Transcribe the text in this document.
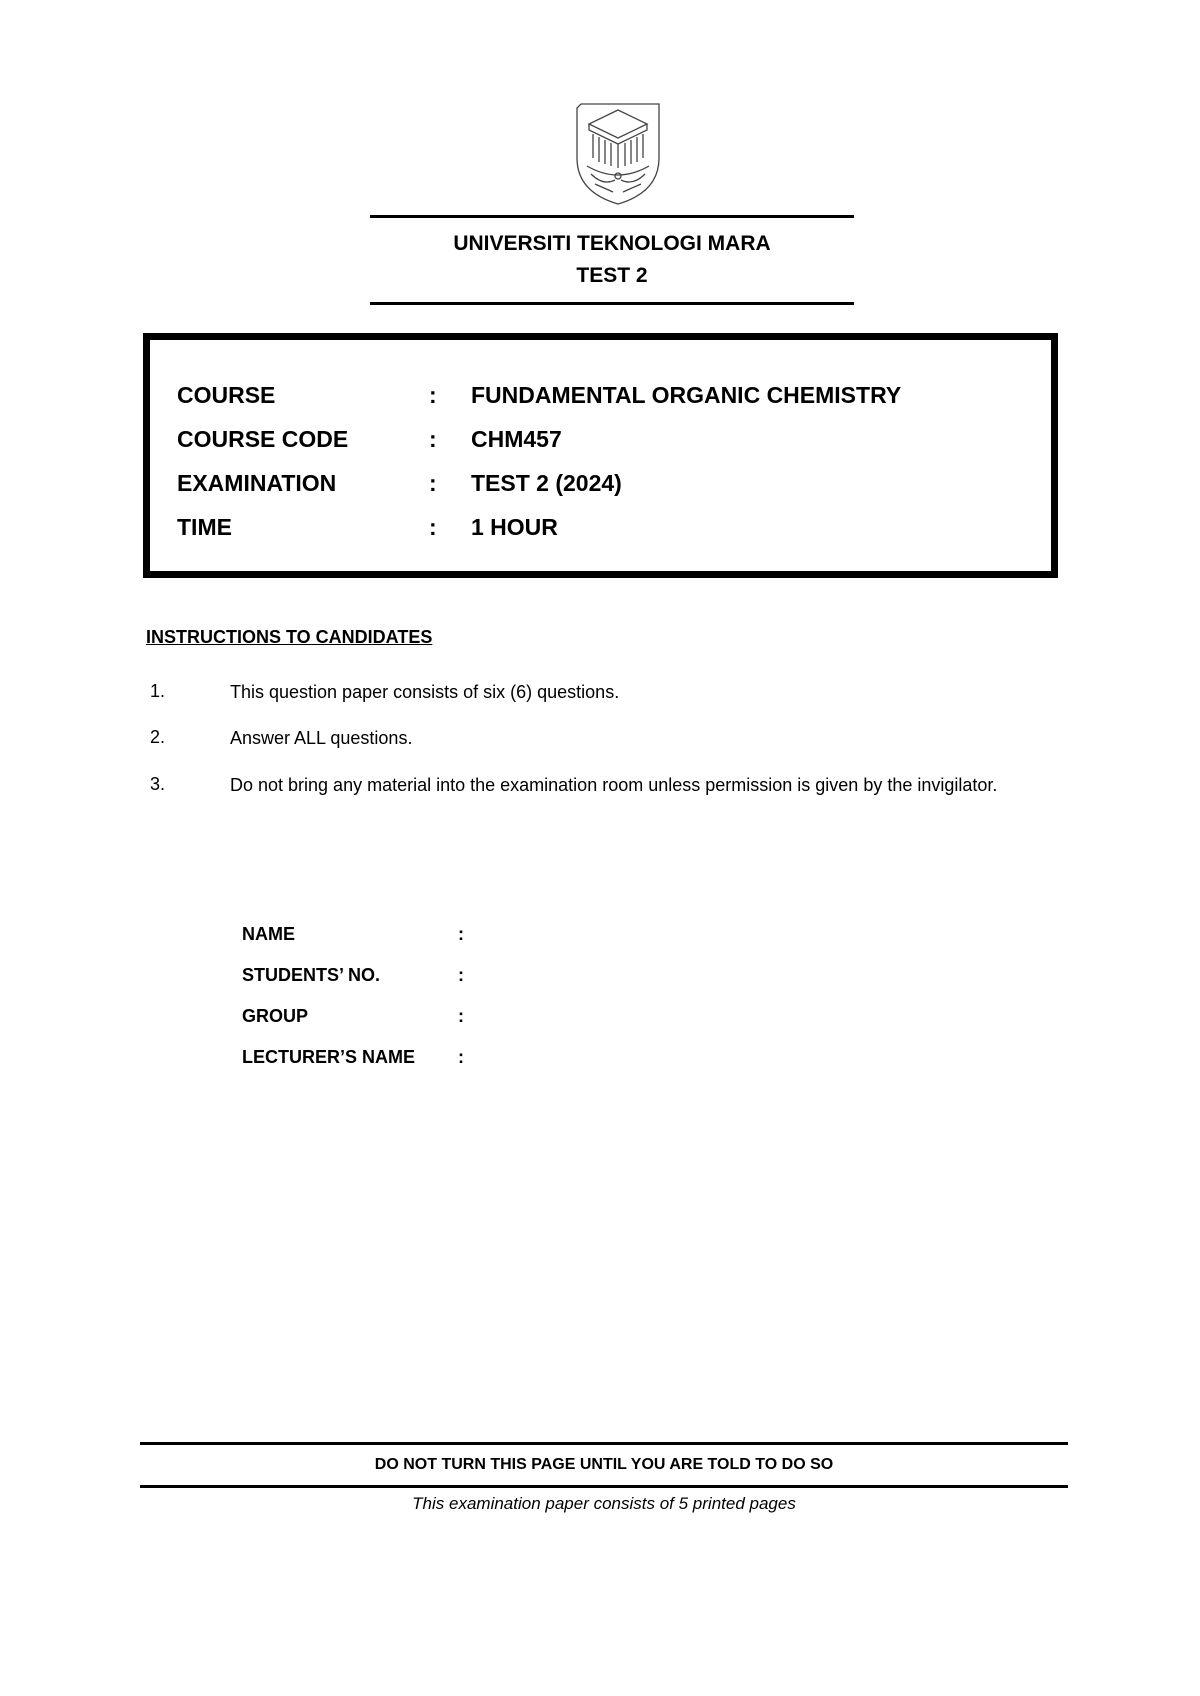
UNIVERSITI TEKNOLOGI MARA
TEST 2
COURSE	: FUNDAMENTAL ORGANIC CHEMISTRY
COURSE CODE	: CHM457
EXAMINATION	: TEST 2 (2024)
TIME	: 1 HOUR
INSTRUCTIONS TO CANDIDATES
1.	This question paper consists of six (6) questions.
2.	Answer ALL questions.
3.	Do not bring any material into the examination room unless permission is given by the invigilator.
NAME	:
STUDENTS’ NO.	:
GROUP	:
LECTURER’S NAME :
DO NOT TURN THIS PAGE UNTIL YOU ARE TOLD TO DO SO
This examination paper consists of 5 printed pages
